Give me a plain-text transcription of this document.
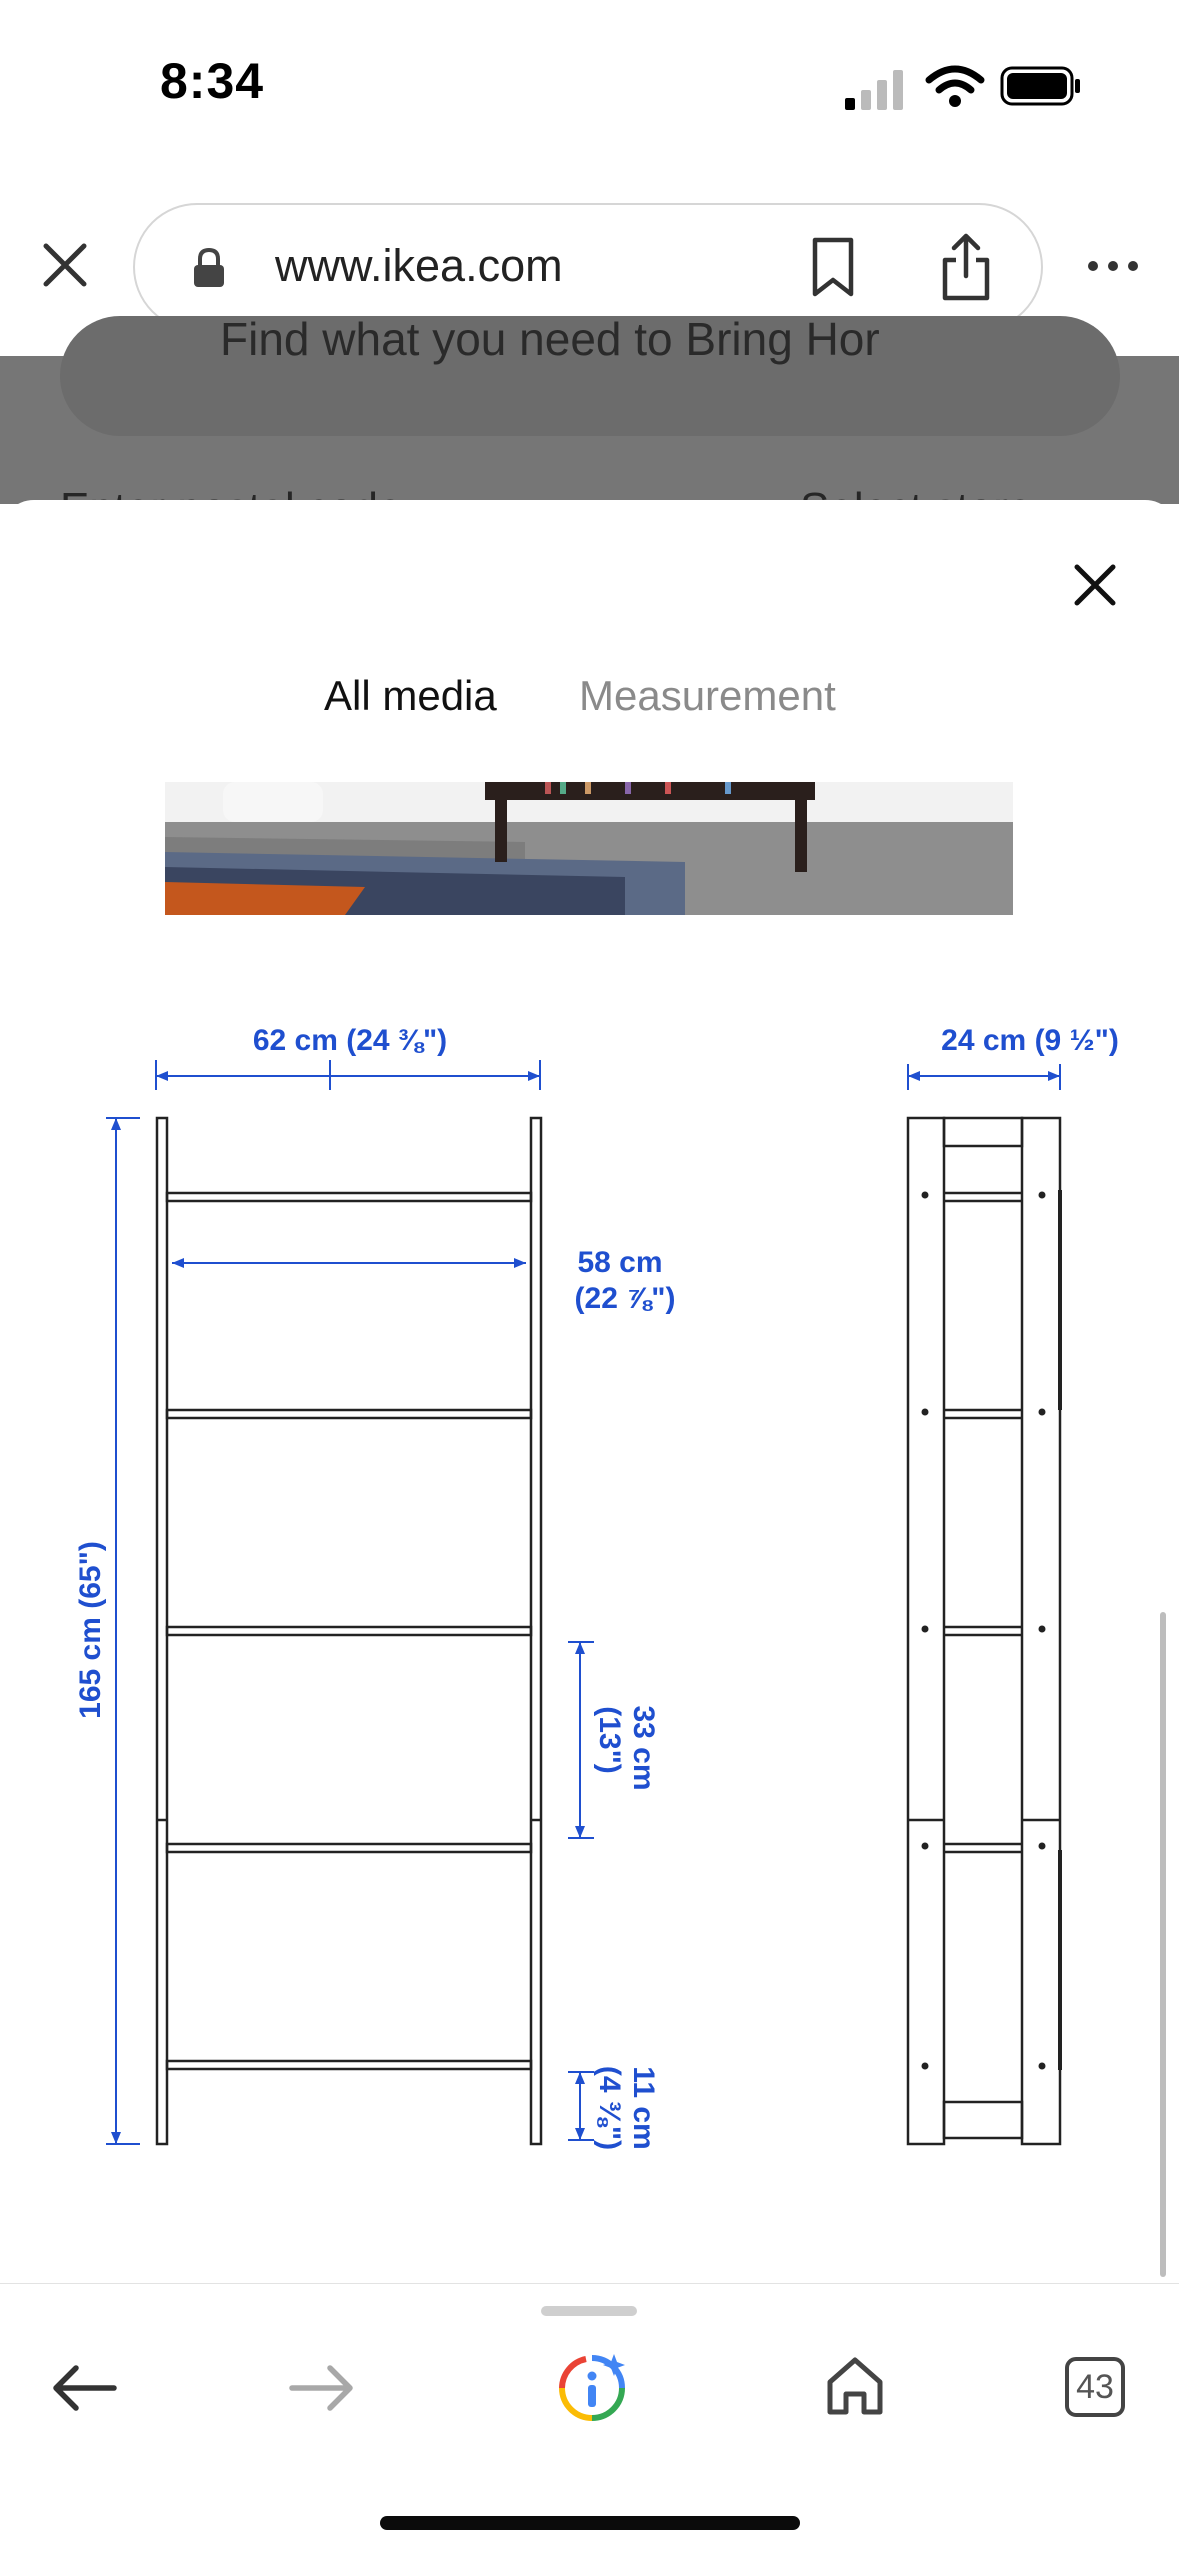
8:34
www.ikea.com
Find what you need to Bring Hor
All media Measurement
62 cm (24 ⅜")
165 cm (65")
58 cm
(22 ⅞")
33 cm
(13")
11 cm
(4 ⅜")
24 cm (9 ½")
43
